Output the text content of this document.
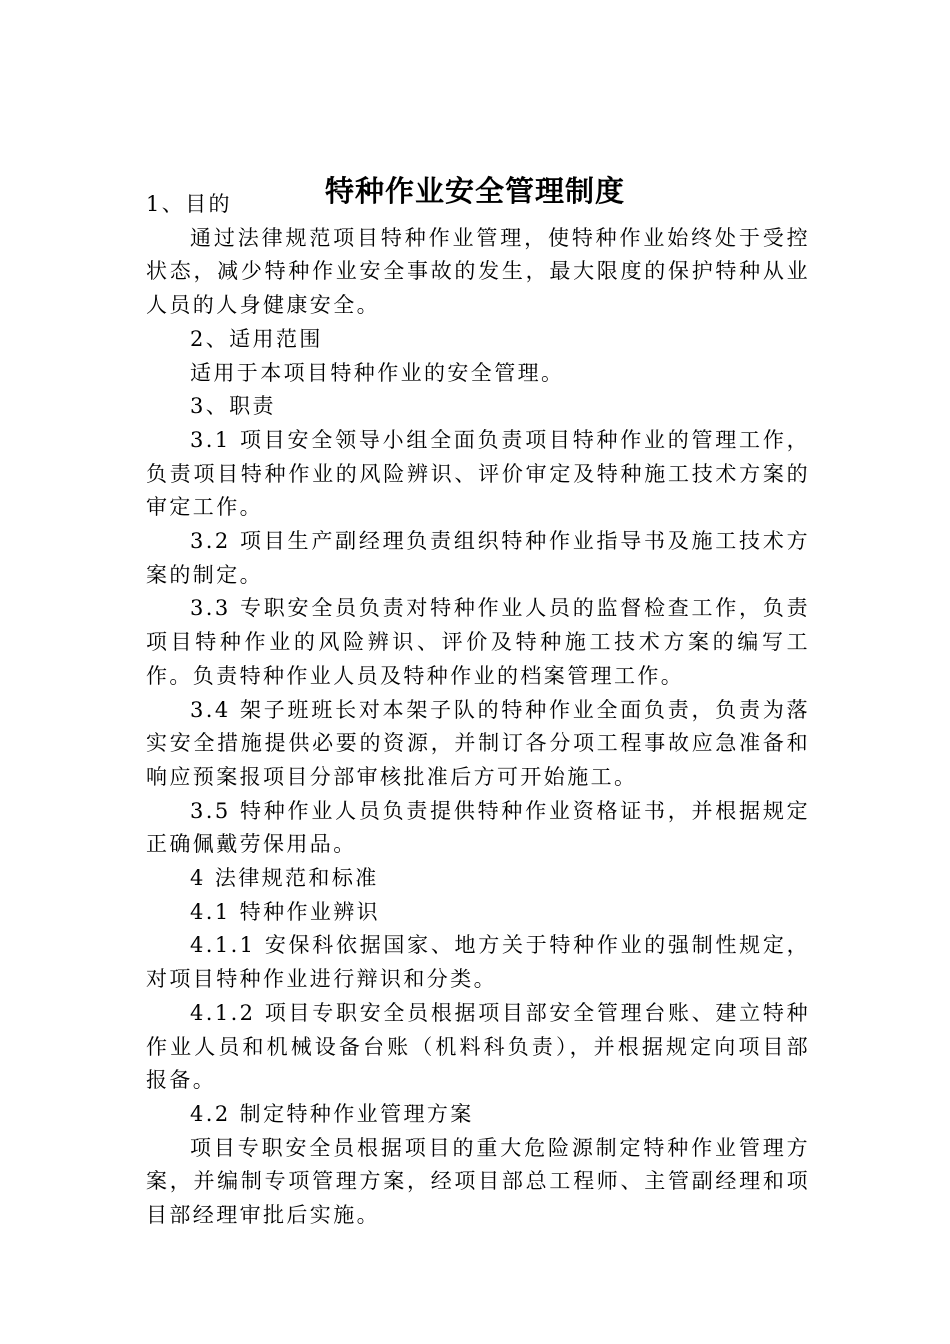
特种作业安全管理制度

1、目的

通过法律规范项目特种作业管理，使特种作业始终处于受控状态，减少特种作业安全事故的发生，最大限度的保护特种从业人员的人身健康安全。

2、适用范围

适用于本项目特种作业的安全管理。

3、职责

3.1 项目安全领导小组全面负责项目特种作业的管理工作，负责项目特种作业的风险辨识、评价审定及特种施工技术方案的审定工作。

3.2 项目生产副经理负责组织特种作业指导书及施工技术方案的制定。

3.3 专职安全员负责对特种作业人员的监督检查工作，负责项目特种作业的风险辨识、评价及特种施工技术方案的编写工作。负责特种作业人员及特种作业的档案管理工作。

3.4 架子班班长对本架子队的特种作业全面负责，负责为落实安全措施提供必要的资源，并制订各分项工程事故应急准备和响应预案报项目分部审核批准后方可开始施工。

3.5 特种作业人员负责提供特种作业资格证书，并根据规定正确佩戴劳保用品。

4 法律规范和标准

4.1 特种作业辨识

4.1.1 安保科依据国家、地方关于特种作业的强制性规定，对项目特种作业进行辩识和分类。

4.1.2 项目专职安全员根据项目部安全管理台账、建立特种作业人员和机械设备台账（机料科负责），并根据规定向项目部报备。

4.2 制定特种作业管理方案

项目专职安全员根据项目的重大危险源制定特种作业管理方案，并编制专项管理方案，经项目部总工程师、主管副经理和项目部经理审批后实施。
